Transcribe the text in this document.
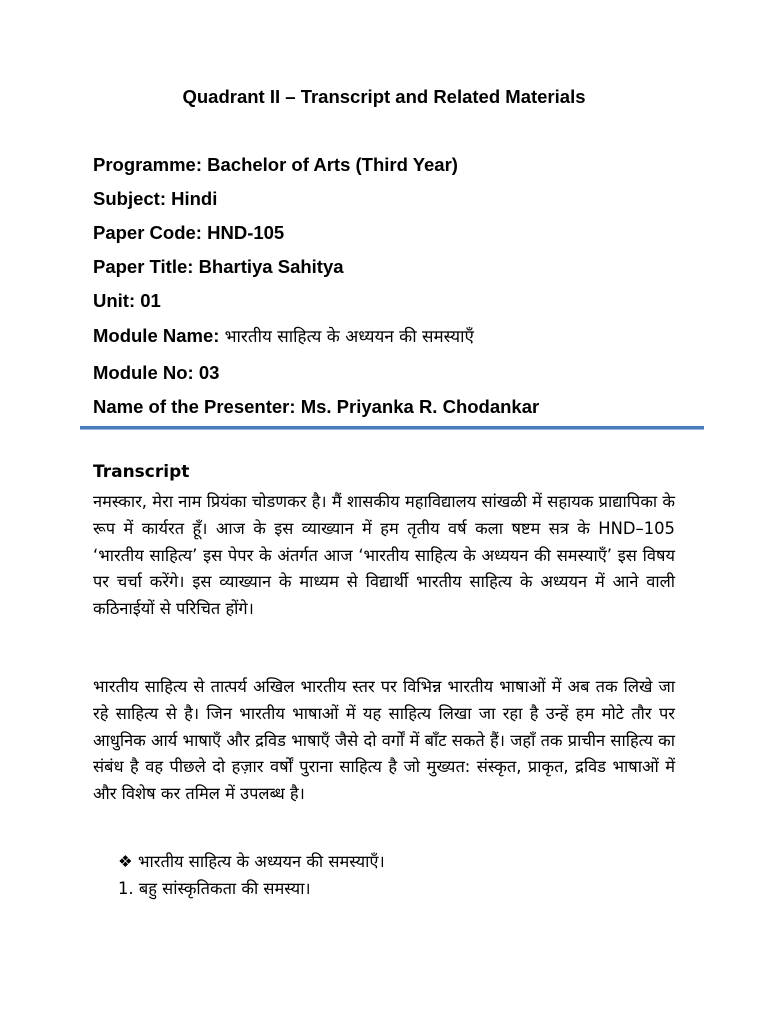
Quadrant II – Transcript and Related Materials
Programme: Bachelor of Arts (Third Year)
Subject: Hindi
Paper Code: HND-105
Paper Title: Bhartiya Sahitya
Unit: 01
Module Name: भारतीय साहित्य के अध्ययन की समस्याएँ
Module No: 03
Name of the Presenter: Ms. Priyanka R. Chodankar
Transcript

नमस्कार, मेरा नाम प्रियंका चोडणकर है। मैं शासकीय महाविद्यालय सांखळी में सहायक प्राद्यापिका के रूप में कार्यरत हूँ। आज के इस व्याख्यान में हम तृतीय वर्ष कला षष्टम सत्र के HND–105 ‘भारतीय साहित्य’ इस पेपर के अंतर्गत आज ‘भारतीय साहित्य के अध्ययन की समस्याएँ’ इस विषय पर चर्चा करेंगे। इस व्याख्यान के माध्यम से विद्यार्थी भारतीय साहित्य के अध्ययन में आने वाली कठिनाईयों से परिचित होंगे।

भारतीय साहित्य से तात्पर्य अखिल भारतीय स्तर पर विभिन्न भारतीय भाषाओं में अब तक लिखे जा रहे साहित्य से है। जिन भारतीय भाषाओं में यह साहित्य लिखा जा रहा है उन्हें हम मोटे तौर पर आधुनिक आर्य भाषाएँ और द्रविड भाषाएँ जैसे दो वर्गों में बाँट सकते हैं। जहाँ तक प्राचीन साहित्य का संबंध है वह पीछले दो हज़ार वर्षों पुराना साहित्य है जो मुख्यत: संस्कृत, प्राकृत, द्रविड भाषाओं में और विशेष कर तमिल में उपलब्ध है।

❖ भारतीय साहित्य के अध्ययन की समस्याएँ।
1. बहु सांस्कृतिकता की समस्या।
